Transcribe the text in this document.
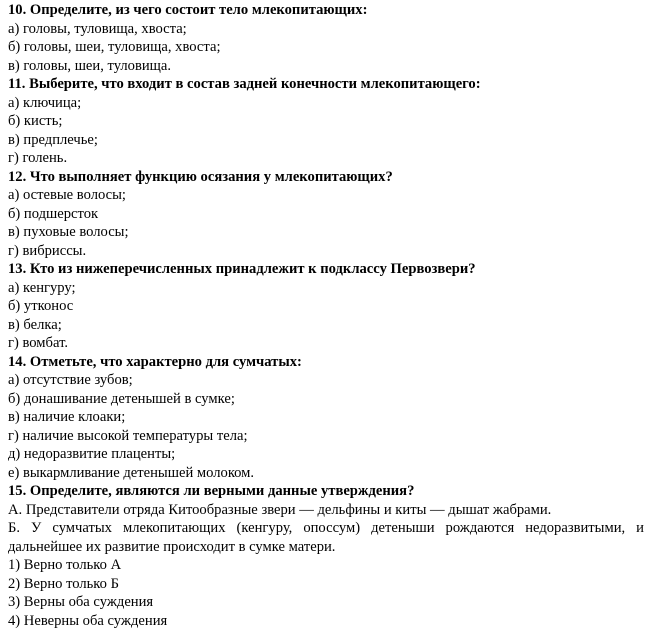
10. Определите, из чего состоит тело млекопитающих:
а) головы, туловища, хвоста;
б) головы, шеи, туловища, хвоста;
в) головы, шеи, туловища.
11. Выберите, что входит в состав задней конечности млекопитающего:
а) ключица;
б) кисть;
в) предплечье;
г) голень.
12. Что выполняет функцию осязания у млекопитающих?
а) остевые волосы;
б) подшерсток
в) пуховые волосы;
г) вибриссы.
13. Кто из нижеперечисленных принадлежит к подклассу Первозвери?
а) кенгуру;
б) утконос
в) белка;
г) вомбат.
14. Отметьте, что характерно для сумчатых:
а) отсутствие зубов;
б) донашивание детенышей в сумке;
в) наличие клоаки;
г) наличие высокой температуры тела;
д) недоразвитие плаценты;
е) выкармливание детенышей молоком.
15. Определите, являются ли верными данные утверждения?
А. Представители отряда Китообразные звери — дельфины и киты — дышат жабрами.
Б. У сумчатых млекопитающих (кенгуру, опоссум) детеныши рождаются недоразвитыми, и дальнейшее их развитие происходит в сумке матери.
1) Верно только А
2) Верно только Б
3) Верны оба суждения
4) Неверны оба суждения
